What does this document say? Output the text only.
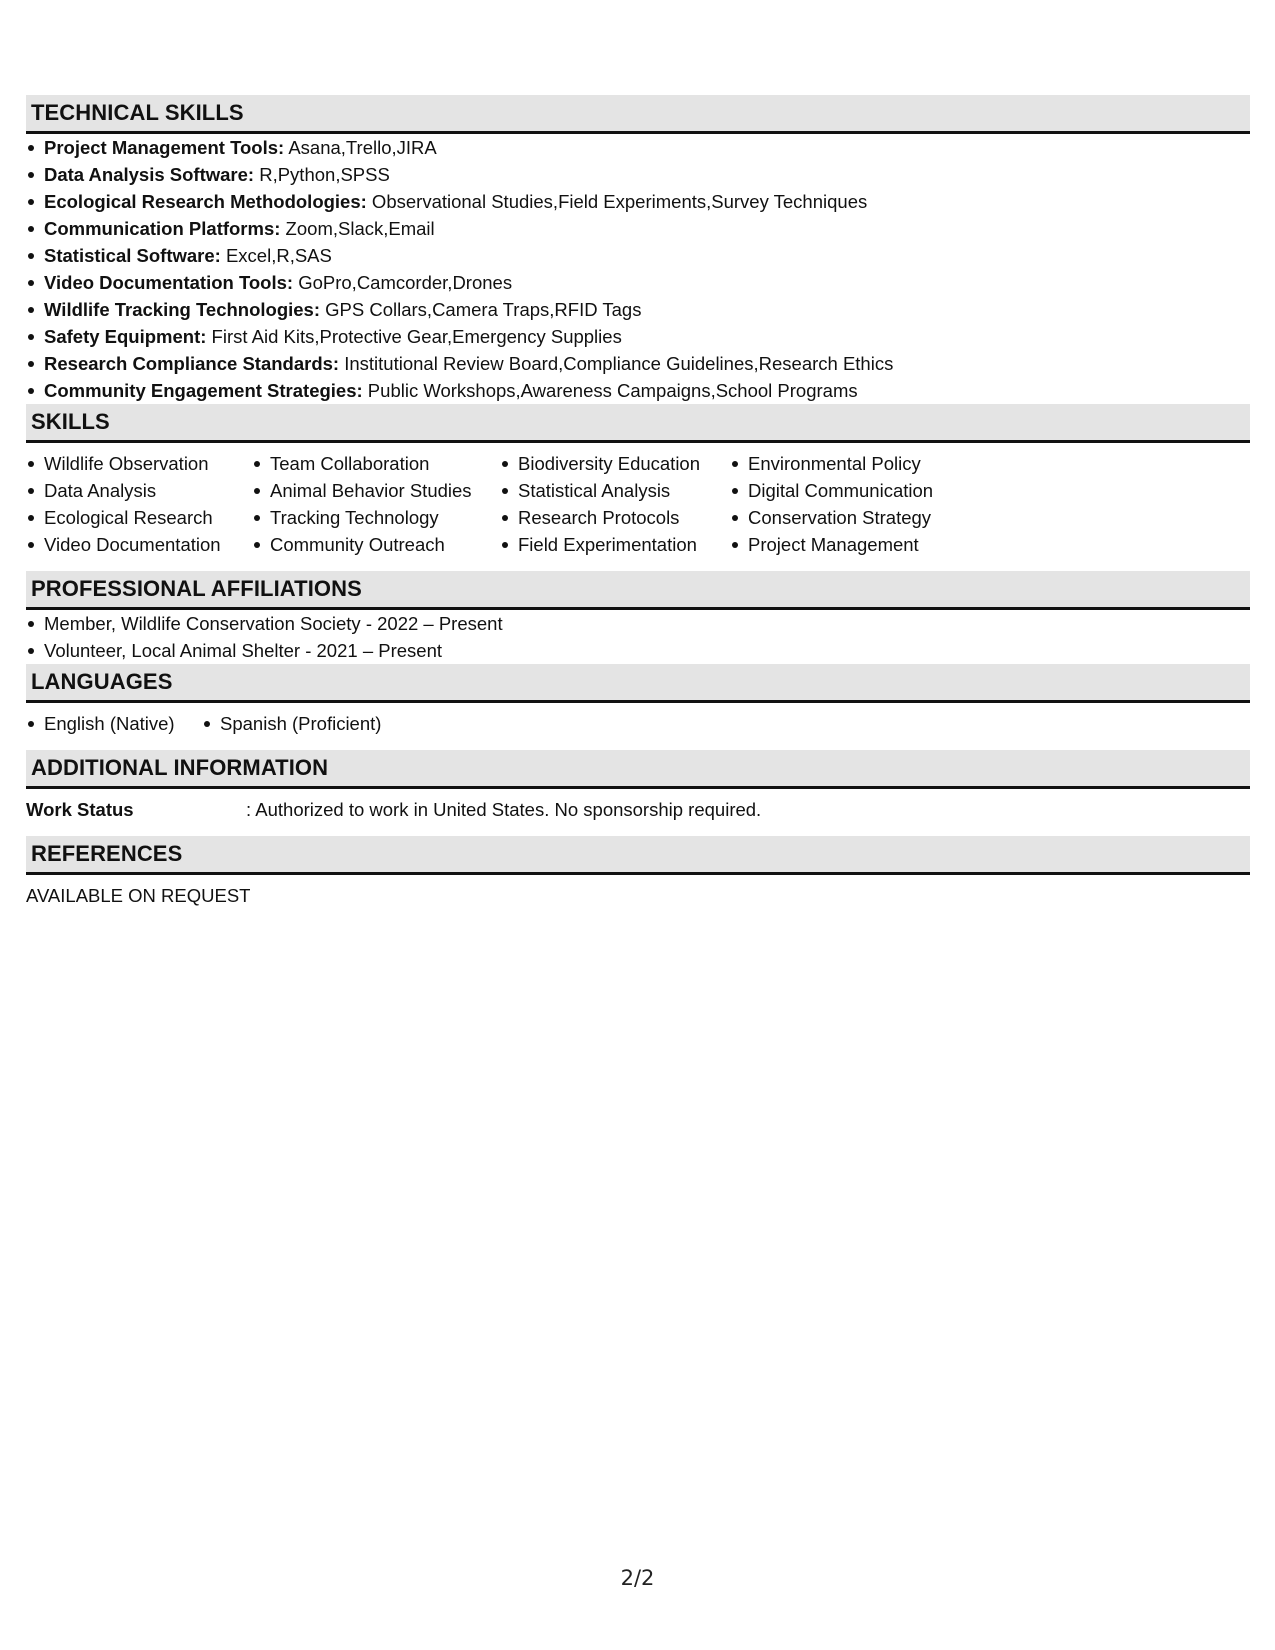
TECHNICAL SKILLS
Project Management Tools: Asana,Trello,JIRA
Data Analysis Software: R,Python,SPSS
Ecological Research Methodologies: Observational Studies,Field Experiments,Survey Techniques
Communication Platforms: Zoom,Slack,Email
Statistical Software: Excel,R,SAS
Video Documentation Tools: GoPro,Camcorder,Drones
Wildlife Tracking Technologies: GPS Collars,Camera Traps,RFID Tags
Safety Equipment: First Aid Kits,Protective Gear,Emergency Supplies
Research Compliance Standards: Institutional Review Board,Compliance Guidelines,Research Ethics
Community Engagement Strategies: Public Workshops,Awareness Campaigns,School Programs
SKILLS
Wildlife Observation
Data Analysis
Ecological Research
Video Documentation
Team Collaboration
Animal Behavior Studies
Tracking Technology
Community Outreach
Biodiversity Education
Statistical Analysis
Research Protocols
Field Experimentation
Environmental Policy
Digital Communication
Conservation Strategy
Project Management
PROFESSIONAL AFFILIATIONS
Member, Wildlife Conservation Society - 2022 – Present
Volunteer, Local Animal Shelter - 2021 – Present
LANGUAGES
English (Native)	Spanish (Proficient)
ADDITIONAL INFORMATION
Work Status	: Authorized to work in United States. No sponsorship required.
REFERENCES
AVAILABLE ON REQUEST
2/2
